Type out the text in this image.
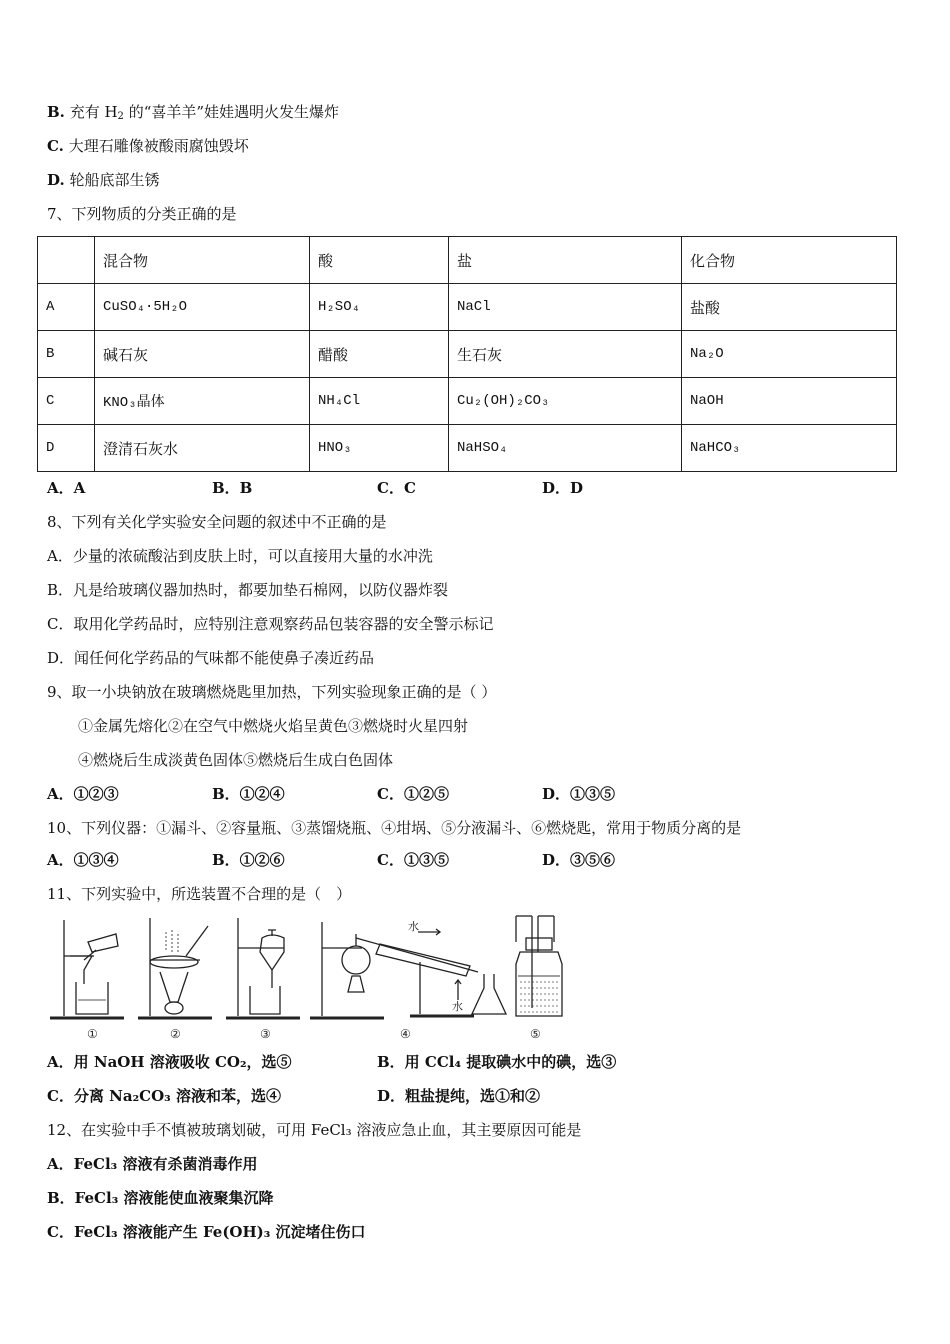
B. 充有 $H_2$ 的“喜羊羊”娃娃遇明火发生爆炸
C. 大理石雕像被酸雨腐蚀毁坏
D. 轮船底部生锈
7、下列物质的分类正确的是
	混合物	酸	盐	化合物
A	CuSO₄·5H₂O	H₂SO₄	NaCl	盐酸
B	碱石灰	醋酸	生石灰	Na₂O
C	KNO₃晶体	NH₄Cl	Cu₂(OH)₂CO₃	NaOH
D	澄清石灰水	HNO₃	NaHSO₄	NaHCO₃
A．A	B．B	C．C	D．D
8、下列有关化学实验安全问题的叙述中不正确的是
A．少量的浓硫酸沾到皮肤上时，可以直接用大量的水冲洗
B．凡是给玻璃仪器加热时，都要加垫石棉网，以防仪器炸裂
C．取用化学药品时，应特别注意观察药品包装容器的安全警示标记
D．闻任何化学药品的气味都不能使鼻子凑近药品
9、取一小块钠放在玻璃燃烧匙里加热，下列实验现象正确的是（ ）
①金属先熔化②在空气中燃烧火焰呈黄色③燃烧时火星四射
④燃烧后生成淡黄色固体⑤燃烧后生成白色固体
A．①②③	B．①②④	C．①②⑤	D．①③⑤
10、下列仪器：①漏斗、②容量瓶、③蒸馏烧瓶、④坩埚、⑤分液漏斗、⑥燃烧匙，常用于物质分离的是
A．①③④	B．①②⑥	C．①③⑤	D．③⑤⑥
11、下列实验中，所选装置不合理的是（　）
①	②	③	④	⑤
水
水
A．用 NaOH 溶液吸收 CO₂，选⑤	B．用 CCl₄ 提取碘水中的碘，选③
C．分离 Na₂CO₃ 溶液和苯，选④	D．粗盐提纯，选①和②
12、在实验中手不慎被玻璃划破，可用 FeCl₃ 溶液应急止血，其主要原因可能是
A．FeCl₃ 溶液有杀菌消毒作用
B．FeCl₃ 溶液能使血液聚集沉降
C．FeCl₃ 溶液能产生 Fe(OH)₃ 沉淀堵住伤口
